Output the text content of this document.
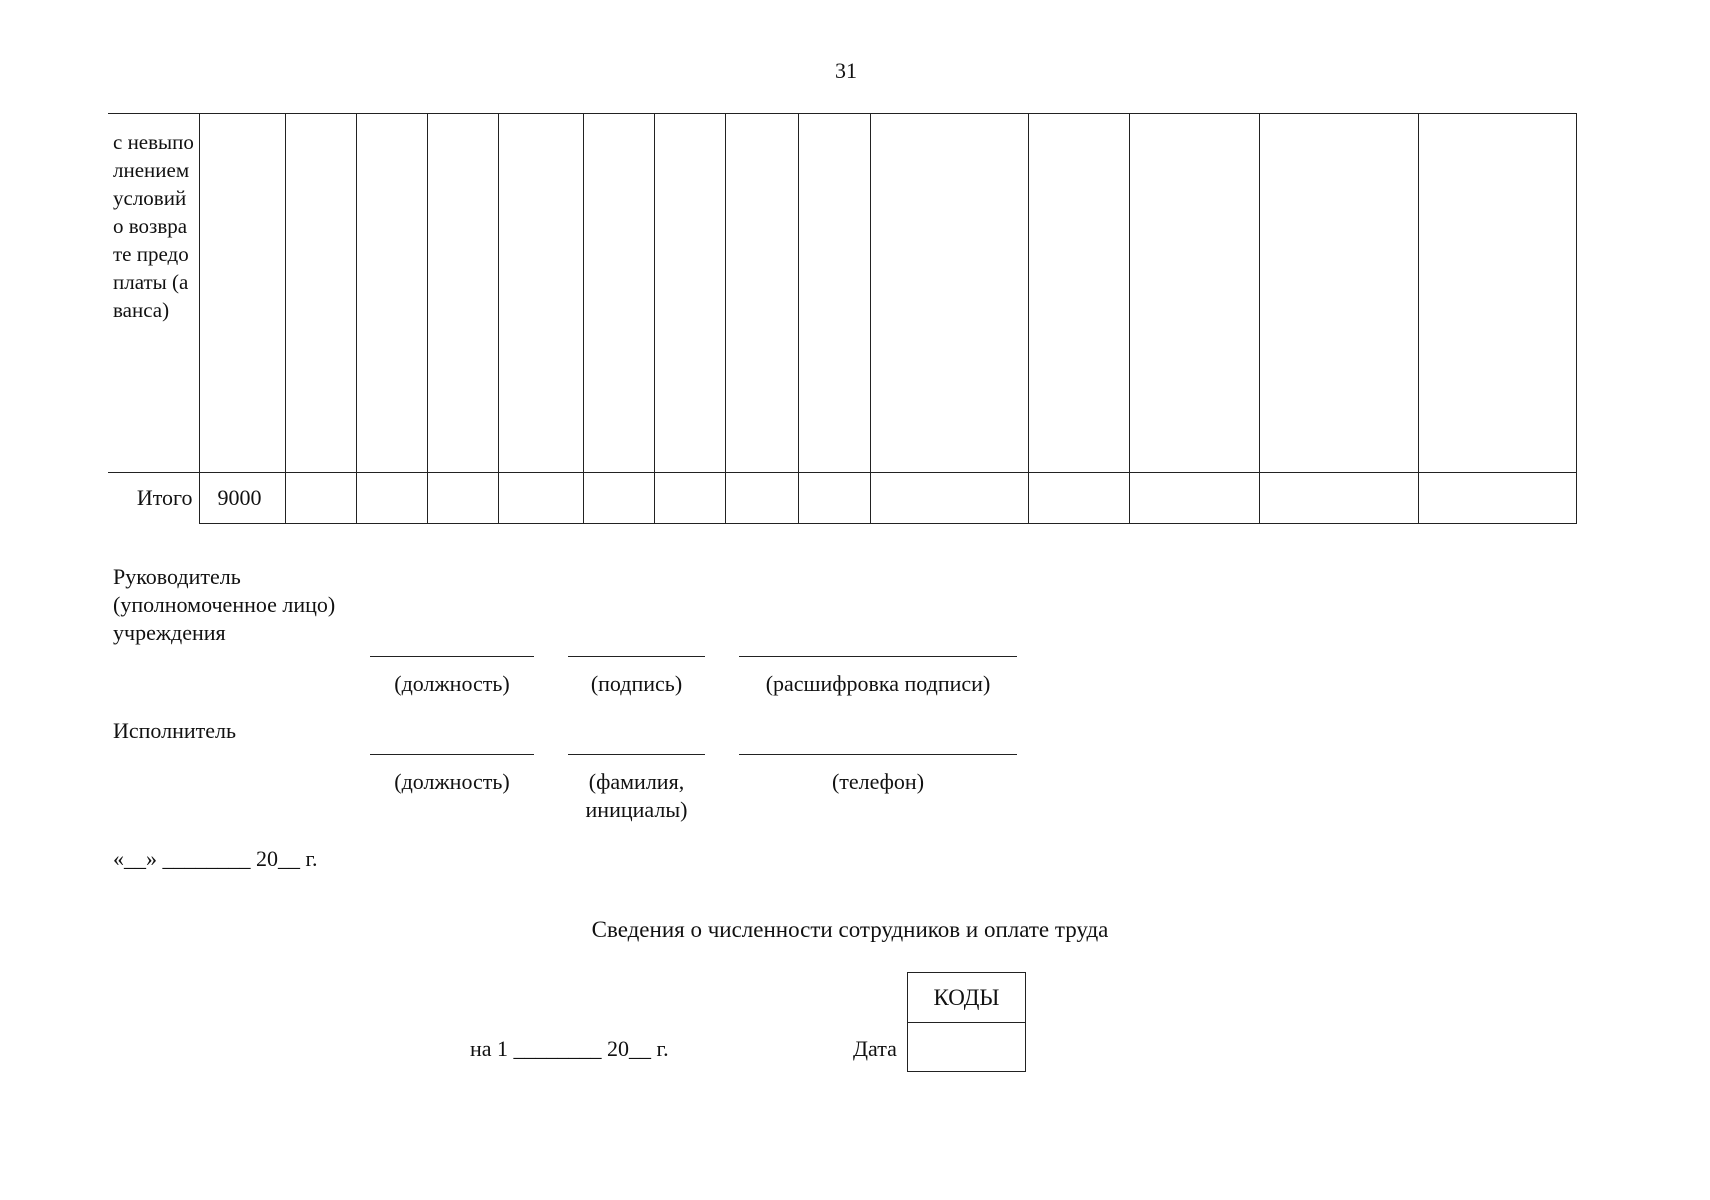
31
с невыполнением условий о возврате предоплаты (аванса)														

Итого	9000													

Руководитель (уполномоченное лицо) учреждения
(должность)	(подпись)	(расшифровка подписи)
Исполнитель
(должность)	(фамилия, инициалы)
(телефон)
«__» ________ 20__ г.
Сведения о численности сотрудников и оплате труда
на 1 ________ 20__ г.	Дата
КОДЫ
